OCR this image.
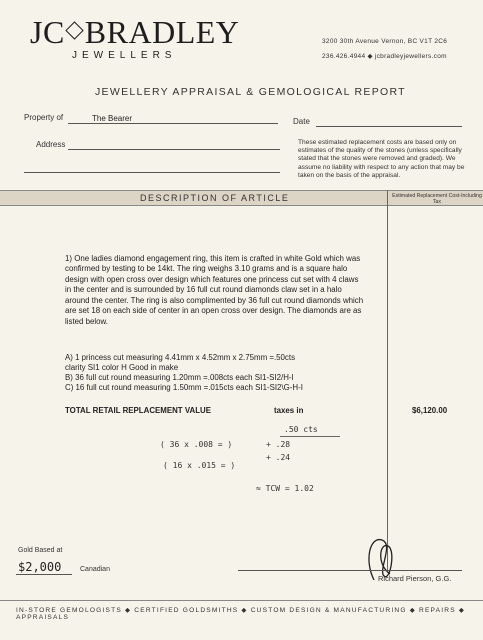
JC BRADLEY
JEWELLERS
3200 30th Avenue Vernon, BC V1T 2C6
236.426.4944 ◆ jcbradleyjewellers.com
JEWELLERY APPRAISAL & GEMOLOGICAL REPORT
Property of	The Bearer	Date
Address	These estimated replacement costs are based only on estimates of the quality of the stones (unless specifically stated that the stones were removed and graded). We assume no liability with respect to any action that may be taken on the basis of the appraisal.
DESCRIPTION OF ARTICLE	Estimated Replacement Cost-Including Tax
1) One ladies diamond engagement ring, this item is crafted in white Gold which was confirmed by testing to be 14kt. The ring weighs 3.10 grams and is a square halo design with open cross over design which features one princess cut set with 4 claws in the center and is surrounded by 16 full cut round diamonds claw set in a halo around the center. The ring is also complimented by 36 full cut round diamonds which are set 18 on each side of center in an open cross over design. The diamonds are as listed below.
A) 1 princess cut measuring 4.41mm x 4.52mm x 2.75mm =.50cts
clarity SI1 color H Good in make
B) 36 full cut round measuring 1.20mm =.008cts each SI1-SI2/H-I
C) 16 full cut round measuring 1.50mm =.015cts each SI1-SI2\G-H-I
TOTAL RETAIL REPLACEMENT VALUE	taxes in	$6,120.00
( 36 x .008 = )
( 16 x .015 = )
.50 cts
+ .28
+ .24
≈ TCW = 1.02
Gold Based at
$2,000	Canadian
Richard Pierson, G.G.
IN-STORE GEMOLOGISTS ◆ CERTIFIED GOLDSMITHS ◆ CUSTOM DESIGN & MANUFACTURING ◆ REPAIRS ◆ APPRAISALS
